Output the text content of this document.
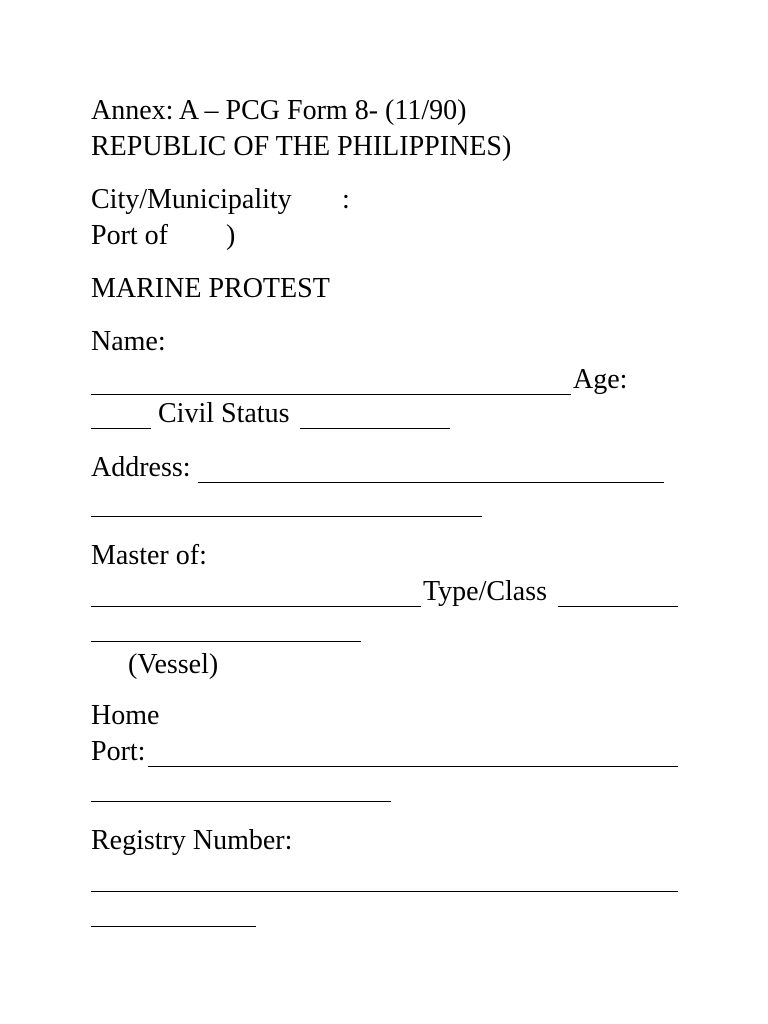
Annex: A – PCG Form 8- (11/90)

REPUBLIC OF THE PHILIPPINES)

City/Municipality :
Port of )

MARINE PROTEST

Name:

Age:
Civil Status
Address:

Master of:

Type/Class
(Vessel)

Home

Port:

Registry Number:
